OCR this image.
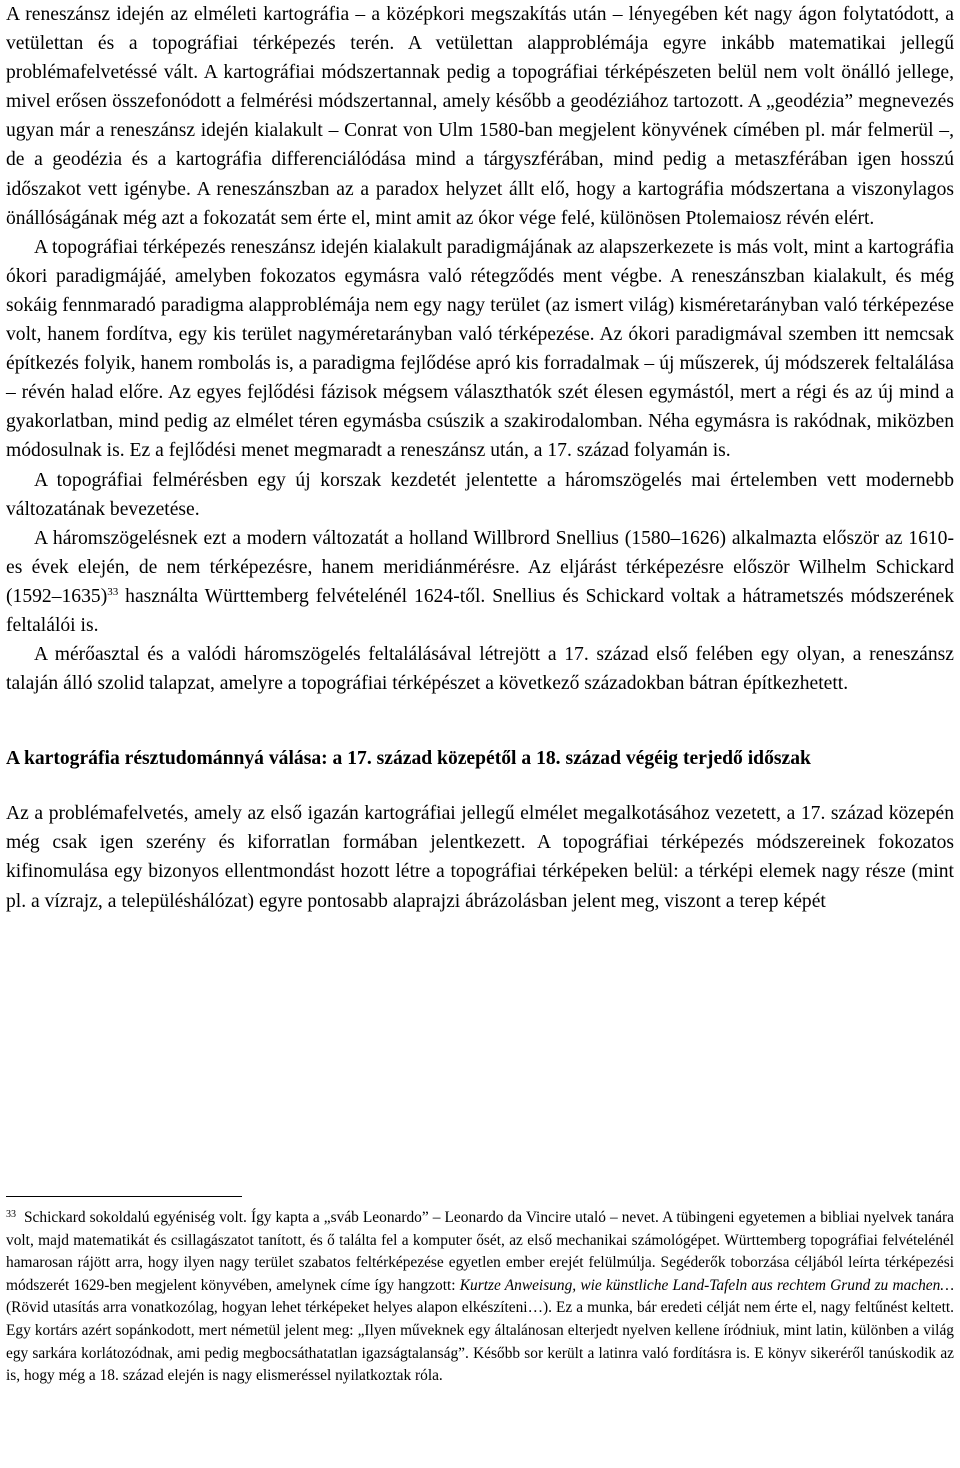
A reneszánsz idején az elméleti kartográfia – a középkori megszakítás után – lényegében két nagy ágon folytatódott, a vetülettan és a topográfiai térképezés terén. A vetülettan alapproblémája egyre inkább matematikai jellegű problémafelvetéssé vált. A kartográfiai módszertannak pedig a topográfiai térképészeten belül nem volt önálló jellege, mivel erősen összefonódott a felmérési módszertannal, amely később a geodéziához tartozott. A „geodézia” megnevezés ugyan már a reneszánsz idején kialakult – Conrat von Ulm 1580-ban megjelent könyvének címében pl. már felmerül –, de a geodézia és a kartográfia differenciálódása mind a tárgyszférában, mind pedig a metaszférában igen hosszú időszakot vett igénybe. A reneszánszban az a paradox helyzet állt elő, hogy a kartográfia módszertana a viszonylagos önállóságának még azt a fokozatát sem érte el, mint amit az ókor vége felé, különösen Ptolemaiosz révén elért.

A topográfiai térképezés reneszánsz idején kialakult paradigmájának az alapszerkezete is más volt, mint a kartográfia ókori paradigmájáé, amelyben fokozatos egymásra való rétegződés ment végbe. A reneszánszban kialakult, és még sokáig fennmaradó paradigma alapproblémája nem egy nagy terület (az ismert világ) kisméretarányban való térképezése volt, hanem fordítva, egy kis terület nagyméretarányban való térképezése. Az ókori paradigmával szemben itt nemcsak építkezés folyik, hanem rombolás is, a paradigma fejlődése apró kis forradalmak – új műszerek, új módszerek feltalálása – révén halad előre. Az egyes fejlődési fázisok mégsem választhatók szét élesen egymástól, mert a régi és az új mind a gyakorlatban, mind pedig az elmélet téren egymásba csúszik a szakirodalomban. Néha egymásra is rakódnak, miközben módosulnak is. Ez a fejlődési menet megmaradt a reneszánsz után, a 17. század folyamán is.

A topográfiai felmérésben egy új korszak kezdetét jelentette a háromszögelés mai értelemben vett modernebb változatának bevezetése.

A háromszögelésnek ezt a modern változatát a holland Willbrord Snellius (1580–1626) alkalmazta először az 1610-es évek elején, de nem térképezésre, hanem meridiánmérésre. Az eljárást térképezésre először Wilhelm Schickard (1592–1635)$^{33}$ használta Württemberg felvételénél 1624-től. Snellius és Schickard voltak a hátrametszés módszerének feltalálói is.

A mérőasztal és a valódi háromszögelés feltalálásával létrejött a 17. század első felében egy olyan, a reneszánsz talaján álló szolid talapzat, amelyre a topográfiai térképészet a következő századokban bátran építkezhetett.

A kartográfia résztudománnyá válása: a 17. század közepétől a 18. század végéig terjedő időszak

Az a problémafelvetés, amely az első igazán kartográfiai jellegű elmélet megalkotásához vezetett, a 17. század közepén még csak igen szerény és kiforratlan formában jelentkezett. A topográfiai térképezés módszereinek fokozatos kifinomulása egy bizonyos ellentmondást hozott létre a topográfiai térképeken belül: a térképi elemek nagy része (mint pl. a vízrajz, a településhálózat) egyre pontosabb alaprajzi ábrázolásban jelent meg, viszont a terep képét

$^{33}$ Schickard sokoldalú egyéniség volt. Így kapta a „sváb Leonardo” – Leonardo da Vincire utaló – nevet. A tübingeni egyetemen a bibliai nyelvek tanára volt, majd matematikát és csillagászatot tanított, és ő találta fel a komputer ősét, az első mechanikai számológépet. Württemberg topográfiai felvételénél hamarosan rájött arra, hogy ilyen nagy terület szabatos feltérképezése egyetlen ember erejét felülmúlja. Segéderők toborzása céljából leírta térképezési módszerét 1629-ben megjelent könyvében, amelynek címe így hangzott: Kurtze Anweisung, wie künstliche Land-Tafeln aus rechtem Grund zu machen… (Rövid utasítás arra vonatkozólag, hogyan lehet térképeket helyes alapon elkészíteni…). Ez a munka, bár eredeti célját nem érte el, nagy feltűnést keltett. Egy kortárs azért sopánkodott, mert németül jelent meg: „Ilyen műveknek egy általánosan elterjedt nyelven kellene íródniuk, mint latin, különben a világ egy sarkára korlátozódnak, ami pedig megbocsáthatatlan igazságtalanság”. Később sor került a latinra való fordításra is. E könyv sikeréről tanúskodik az is, hogy még a 18. század elején is nagy elismeréssel nyilatkoztak róla.
